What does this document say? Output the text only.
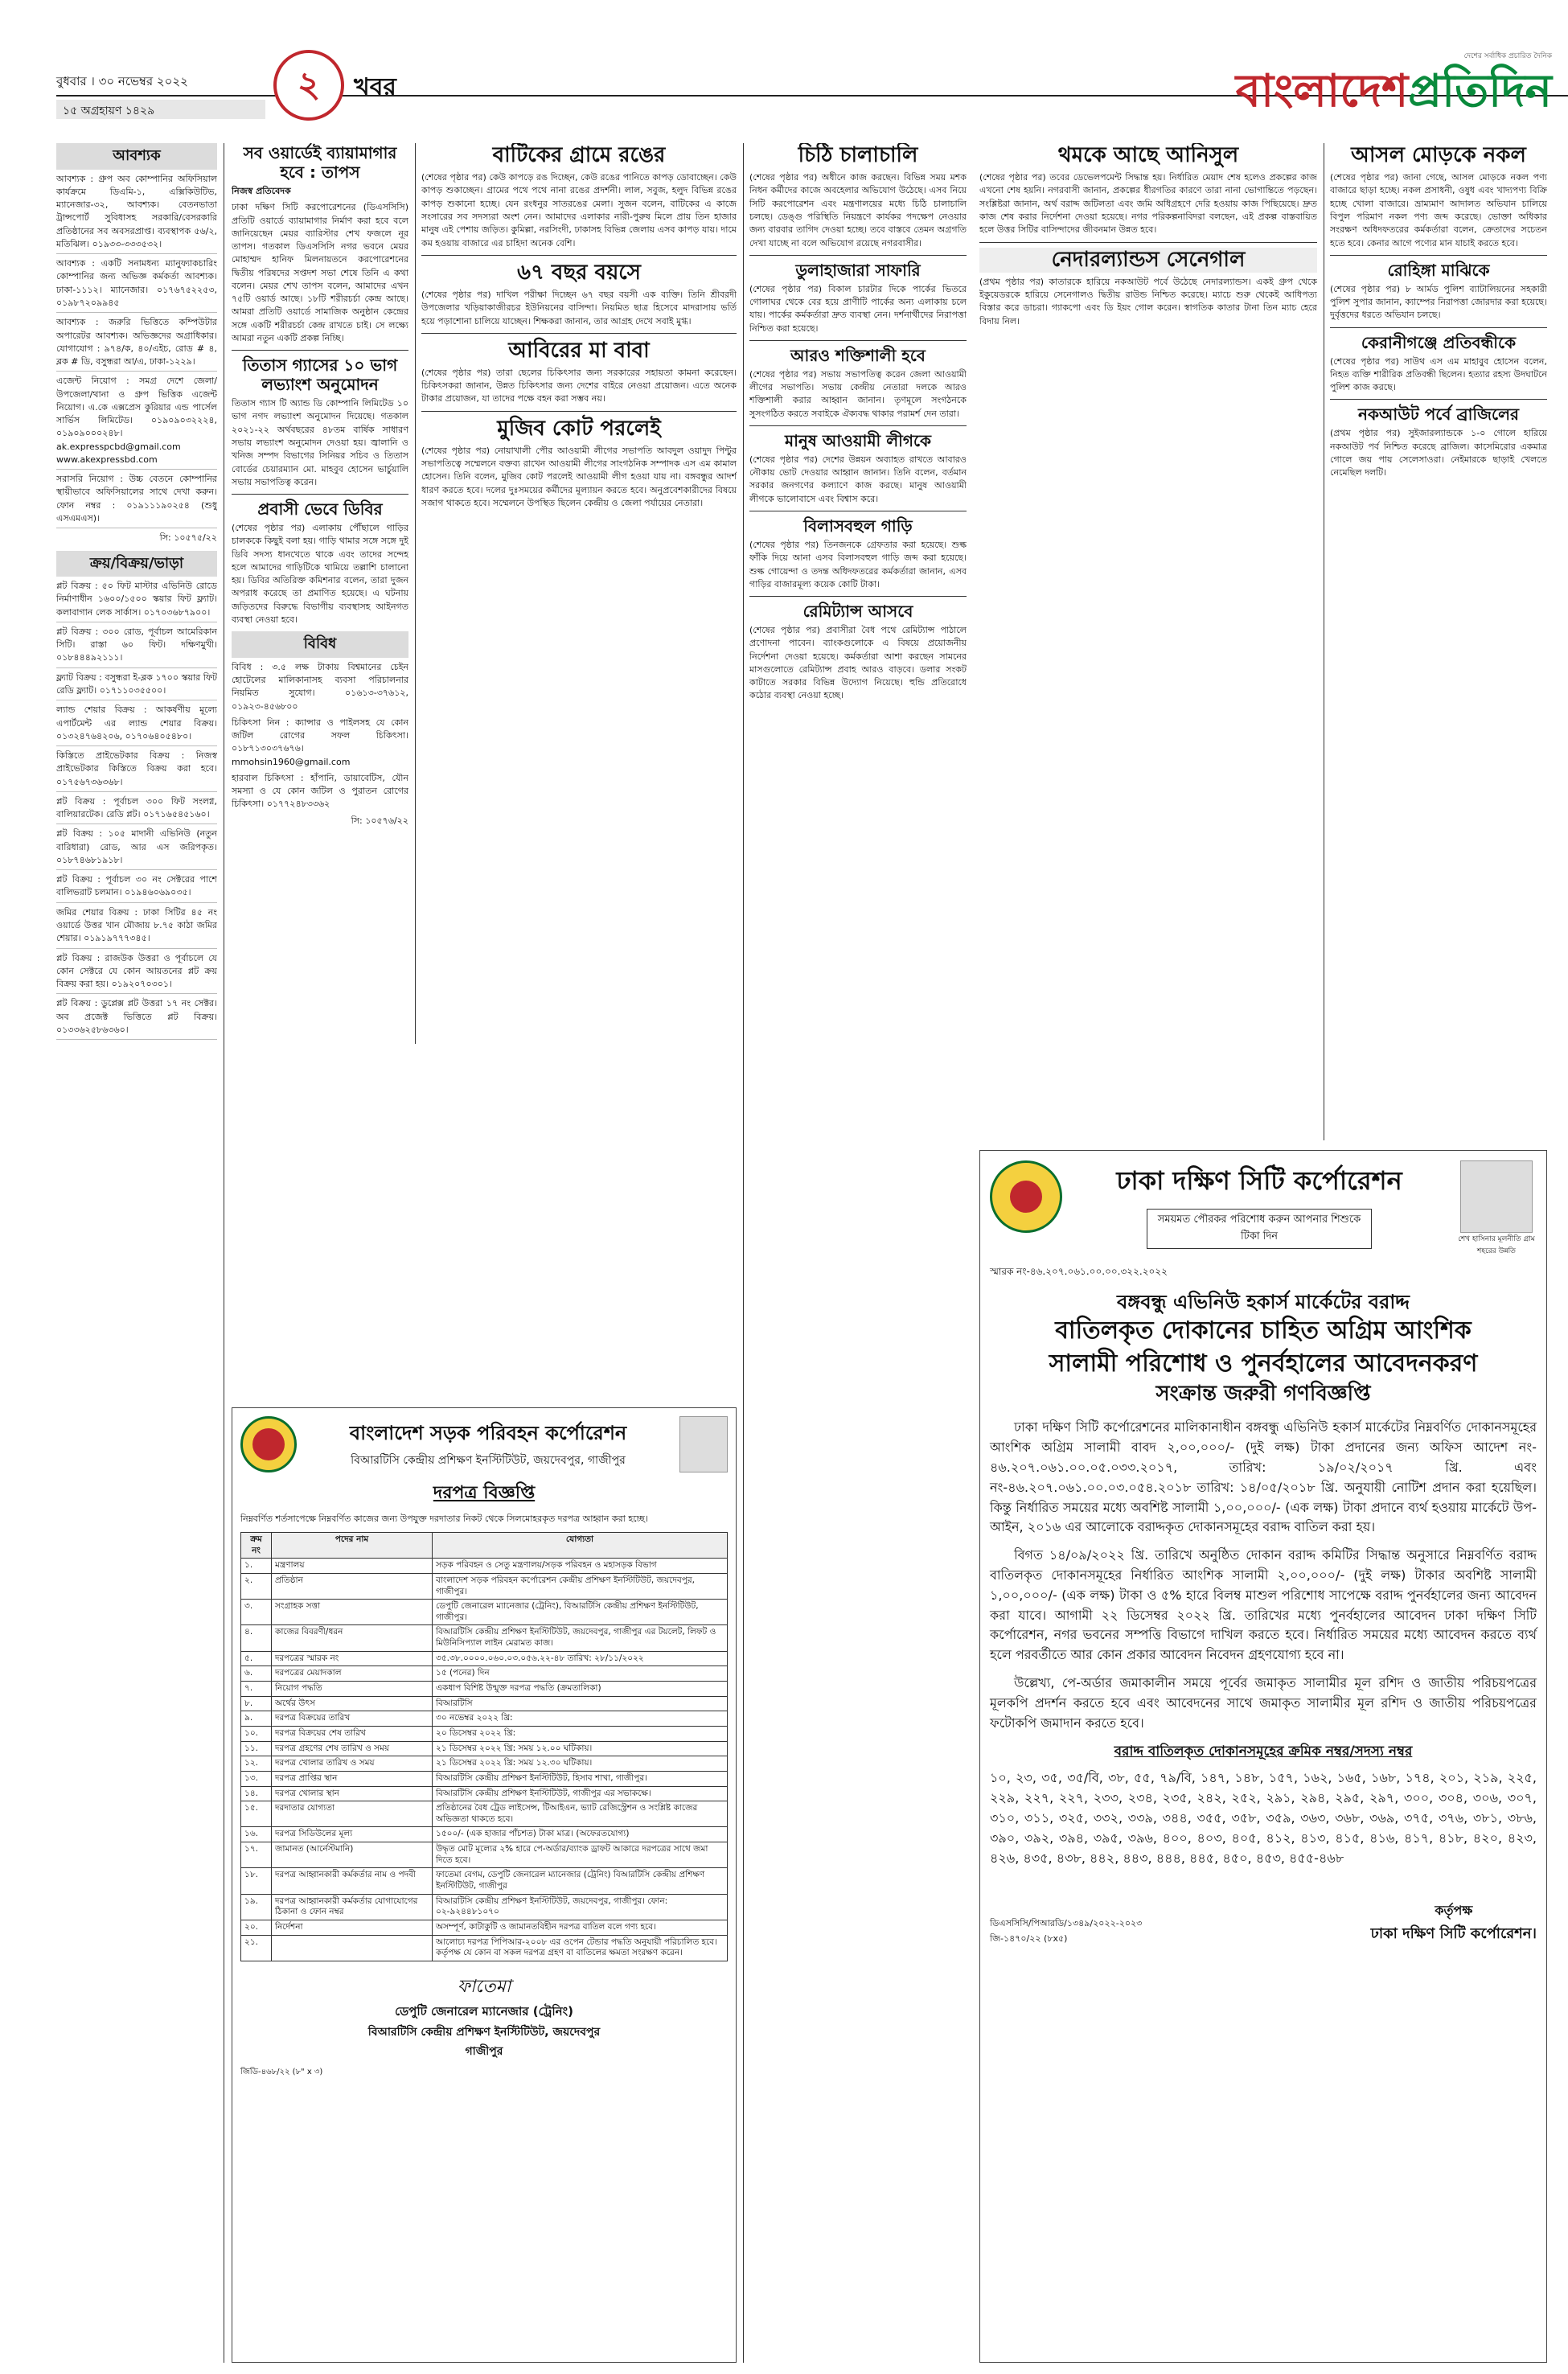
বুধবার । ৩০ নভেম্বর ২০২২
১৫ অগ্রহায়ণ ১৪২৯
২	খবর
দেশের সর্বাধিক প্রচারিত দৈনিক
বাংলাদেশপ্রতিদিন
আবশ্যক

আবশ্যক : গ্রুপ অব কোম্পানির অফিসিয়াল কার্যক্রমে ডিএমি-১, এক্সিকিউটিভ, ম্যানেজার-৩২, আবশ্যক। বেতনভাতা ট্রান্সপোর্ট সুবিধাসহ সরকারি/বেসরকারি প্রতিষ্ঠানের সব অবসরপ্রাপ্ত। ব্যবস্থাপক ৫৬/২, মতিঝিল। ০১৯৩৩-৩৩৩৫৩২।

আবশ্যক : একটি সনামধন্য ম্যানুফ্যাকচারিং কোম্পানির জন্য অভিজ্ঞ কর্মকর্তা আবশ্যক। ঢাকা-১১১২। ম্যানেজার। ০১৭৬৭৫২২৫৩, ০১৯৮৭২০৯৯৪৫

আবশ্যক : জরুরি ভিত্তিতে কম্পিউটার অপারেটর আবশ্যক। অভিজ্ঞদের অগ্রাধিকার। যোগাযোগ : ৯৭৪/ক, ৪০/এইচ, রোড # ৪, ব্লক # ডি, বসুন্ধরা আ/এ, ঢাকা-১২২৯।

এজেন্ট নিয়োগ : সমগ্র দেশে জেলা/উপজেলা/থানা ও গ্রুপ ভিত্তিক এজেন্ট নিয়োগ। এ.কে এক্সপ্রেস কুরিয়ার এন্ড পার্সেল সার্ভিস লিমিটেড। ০১৯০৯০৩২২২৪, ০১৯০৯০০০২৪৮। ak.expresspcbd@gmail.com www.akexpressbd.com

সরাসরি নিয়োগ : উচ্চ বেতনে কোম্পানির স্থায়ীভাবে অফিসিয়ালের সাথে দেখা করুন। ফোন নম্বর : ০১৯১১১৯০২৫৪ (শুধু এসএমএস)।

সি: ১০৫৭৫/২২

ক্রয়/বিক্রয়/ভাড়া

প্লট বিক্রয় : ৫০ ফিট মাস্টার এভিনিউ রোডে নির্মাণাধীন ১৬০০/১৫০০ স্কয়ার ফিট ফ্ল্যাট। কলাবাগান লেক সার্কাস। ০১৭০৩৬৮৭৯০০।

প্লট বিক্রয় : ৩০০ রোড, পূর্বাচল আমেরিকান সিটি। রাস্তা ৬০ ফিট। দক্ষিণমুখী। ০১৮৪৪৪৯২১১১।

ফ্ল্যাট বিক্রয় : বসুন্ধরা ই-ব্লক ১৭০০ স্কয়ার ফিট রেডি ফ্ল্যাট। ০১৭১১০৩৫৫০০।

ল্যান্ড শেয়ার বিক্রয় : আকর্ষণীয় মূল্যে এপার্টমেন্ট এর ল্যান্ড শেয়ার বিক্রয়। ০১৩২৪৭৬৪২০৬, ০১৭০৬৪০৫৪৮০।

কিস্তিতে প্রাইভেটকার বিক্রয় : নিজস্ব প্রাইভেটকার কিস্তিতে বিক্রয় করা হবে। ০১৭৫৬৭৩৬৩৬৮।

প্লট বিক্রয় : পূর্বাচল ৩০০ ফিট সংলগ্ন, বালিয়ারটেক। রেডি প্লট। ০১৭১৬৫৪৫১৬০।

প্লট বিক্রয় : ১০৫ মাদানী এভিনিউ (নতুন বারিধারা) রোড, আর এস জরিপকৃত। ০১৮৭৪৬৮১৯১৮।

প্লট বিক্রয় : পূর্বাচল ৩০ নং সেক্টরের পাশে বালিভরাট চলমান। ০১৯৪৬০৬৯০৩৫।

জমির শেয়ার বিক্রয় : ঢাকা সিটির ৪৫ নং ওয়ার্ডে উত্তর খান মৌজায় ৮.৭৫ কাঠা জমির শেয়ার। ০১৯১৯৭৭৭৩৪৫।

প্লট বিক্রয় : রাজউক উত্তরা ও পূর্বাচলে যে কোন সেক্টরে যে কোন আয়তনের প্লট ক্রয় বিক্রয় করা হয়। ০১৯২০৭০৩০১।

প্লট বিক্রয় : ডুপ্লেক্স প্লট উত্তরা ১৭ নং সেক্টর। অব প্রজেক্ট ভিত্তিতে প্লট বিক্রয়। ০১৩৩৬২৫৮৬৩৬০।

সব ওয়ার্ডেই ব্যায়ামাগার হবে : তাপস

নিজস্ব প্রতিবেদক

ঢাকা দক্ষিণ সিটি করপোরেশনের (ডিএসসিসি) প্রতিটি ওয়ার্ডে ব্যায়ামাগার নির্মাণ করা হবে বলে জানিয়েছেন মেয়র ব্যারিস্টার শেখ ফজলে নূর তাপস। গতকাল ডিএসসিসি নগর ভবনে মেয়র মোহাম্মদ হানিফ মিলনায়তনে করপোরেশনের দ্বিতীয় পরিষদের সপ্তদশ সভা শেষে তিনি এ কথা বলেন। মেয়র শেখ তাপস বলেন, আমাদের এখন ৭৫টি ওয়ার্ড আছে। ১৮টি শরীরচর্চা কেন্দ্র আছে। আমরা প্রতিটি ওয়ার্ডে সামাজিক অনুষ্ঠান কেন্দ্রের সঙ্গে একটি শরীরচর্চা কেন্দ্র রাখতে চাই। সে লক্ষ্যে আমরা নতুন একটি প্রকল্প নিচ্ছি।

তিতাস গ্যাসের ১০ ভাগ লভ্যাংশ অনুমোদন

তিতাস গ্যাস টি অ্যান্ড ডি কোম্পানি লিমিটেড ১০ ভাগ নগদ লভ্যাংশ অনুমোদন দিয়েছে। গতকাল ২০২১-২২ অর্থবছরের ৪৮তম বার্ষিক সাধারণ সভায় লভ্যাংশ অনুমোদন দেওয়া হয়। জ্বালানি ও খনিজ সম্পদ বিভাগের সিনিয়র সচিব ও তিতাস বোর্ডের চেয়ারম্যান মো. মাহবুব হোসেন ভার্চুয়ালি সভায় সভাপতিত্ব করেন।

প্রবাসী ভেবে ডিবির

(শেষের পৃষ্ঠার পর) এলাকায় পৌঁছালে গাড়ির চালককে কিছুই বলা হয়। গাড়ি থামার সঙ্গে সঙ্গে দুই ডিবি সদস্য ধানখেতে থাকে এবং তাদের সন্দেহ হলে আমাদের গাড়িটিকে থামিয়ে তল্লাশি চালানো হয়। ডিবির অতিরিক্ত কমিশনার বলেন, তারা দুজন অপরাধ করেছে তা প্রমাণিত হয়েছে। এ ঘটনায় জড়িতদের বিরুদ্ধে বিভাগীয় ব্যবস্থাসহ আইনগত ব্যবস্থা নেওয়া হবে।

বিবিধ

বিবিধ : ৩.৫ লক্ষ টাকায় বিশ্বমানের চেইন হোটেলের মালিকানাসহ ব্যবসা পরিচালনার নিয়মিত সুযোগ। ০১৬১৩-৩৭৬১২, ০১৯২৩-৪৫৬৮০০

চিকিৎসা নিন : ক্যান্সার ও পাইলসহ যে কোন জটিল রোগের সফল চিকিৎসা। ০১৮৭১৩০৩৭৬৭৬। mmohsin1960@gmail.com

হারবাল চিকিৎসা : হাঁপানি, ডায়াবেটিস, যৌন সমস্যা ও যে কোন জটিল ও পুরাতন রোগের চিকিৎসা। ০১৭৭২৪৮৩৩৬২

সি: ১০৫৭৬/২২

বাটিকের গ্রামে রঙের

(শেষের পৃষ্ঠার পর) কেউ কাপড়ে রঙ দিচ্ছেন, কেউ রঙের পানিতে কাপড় ডোবাচ্ছেন। কেউ কাপড় শুকাচ্ছেন। গ্রামের পথে পথে নানা রঙের প্রদর্শনী। লাল, সবুজ, হলুদ বিভিন্ন রঙের কাপড় শুকানো হচ্ছে। যেন রংধনুর সাতরঙের মেলা। সুজন বলেন, বাটিকের এ কাজে সংসারের সব সদস্যরা অংশ নেন। আমাদের এলাকার নারী-পুরুষ মিলে প্রায় তিন হাজার মানুষ এই পেশায় জড়িত। কুমিল্লা, নরসিংদী, ঢাকাসহ বিভিন্ন জেলায় এসব কাপড় যায়। দামে কম হওয়ায় বাজারে এর চাহিদা অনেক বেশি।

৬৭ বছর বয়সে

(শেষের পৃষ্ঠার পর) দাখিল পরীক্ষা দিচ্ছেন ৬৭ বছর বয়সী এক ব্যক্তি। তিনি শ্রীবরদী উপজেলার খড়িয়াকাজীরচর ইউনিয়নের বাসিন্দা। নিয়মিত ছাত্র হিসেবে মাদরাসায় ভর্তি হয়ে পড়াশোনা চালিয়ে যাচ্ছেন। শিক্ষকরা জানান, তার আগ্রহ দেখে সবাই মুগ্ধ।

আবিরের মা বাবা

(শেষের পৃষ্ঠার পর) তারা ছেলের চিকিৎসার জন্য সরকারের সহায়তা কামনা করেছেন। চিকিৎসকরা জানান, উন্নত চিকিৎসার জন্য দেশের বাইরে নেওয়া প্রয়োজন। এতে অনেক টাকার প্রয়োজন, যা তাদের পক্ষে বহন করা সম্ভব নয়।

মুজিব কোট পরলেই

(শেষের পৃষ্ঠার পর) নোয়াখালী পৌর আওয়ামী লীগের সভাপতি আবদুল ওয়াদুদ পিন্টুর সভাপতিত্বে সম্মেলনে বক্তব্য রাখেন আওয়ামী লীগের সাংগঠনিক সম্পাদক এস এম কামাল হোসেন। তিনি বলেন, মুজিব কোট পরলেই আওয়ামী লীগ হওয়া যায় না। বঙ্গবন্ধুর আদর্শ ধারণ করতে হবে। দলের দুঃসময়ের কর্মীদের মূল্যায়ন করতে হবে। অনুপ্রবেশকারীদের বিষয়ে সজাগ থাকতে হবে। সম্মেলনে উপস্থিত ছিলেন কেন্দ্রীয় ও জেলা পর্যায়ের নেতারা।

চিঠি চালাচালি

(শেষের পৃষ্ঠার পর) অধীনে কাজ করছেন। বিভিন্ন সময় মশক নিধন কর্মীদের কাজে অবহেলার অভিযোগ উঠেছে। এসব নিয়ে সিটি করপোরেশন এবং মন্ত্রণালয়ের মধ্যে চিঠি চালাচালি চলছে। ডেঙ্গু পরিস্থিতি নিয়ন্ত্রণে কার্যকর পদক্ষেপ নেওয়ার জন্য বারবার তাগিদ দেওয়া হচ্ছে। তবে বাস্তবে তেমন অগ্রগতি দেখা যাচ্ছে না বলে অভিযোগ রয়েছে নগরবাসীর।

ডুলাহাজারা সাফারি

(শেষের পৃষ্ঠার পর) বিকাল চারটার দিকে পার্কের ভিতরে গোলাঘর থেকে বের হয়ে প্রাণীটি পার্কের অন্য এলাকায় চলে যায়। পার্কের কর্মকর্তারা দ্রুত ব্যবস্থা নেন। দর্শনার্থীদের নিরাপত্তা নিশ্চিত করা হয়েছে।

আরও শক্তিশালী হবে

(শেষের পৃষ্ঠার পর) সভায় সভাপতিত্ব করেন জেলা আওয়ামী লীগের সভাপতি। সভায় কেন্দ্রীয় নেতারা দলকে আরও শক্তিশালী করার আহ্বান জানান। তৃণমূলে সংগঠনকে সুসংগঠিত করতে সবাইকে ঐক্যবদ্ধ থাকার পরামর্শ দেন তারা।

মানুষ আওয়ামী লীগকে

(শেষের পৃষ্ঠার পর) দেশের উন্নয়ন অব্যাহত রাখতে আবারও নৌকায় ভোট দেওয়ার আহ্বান জানান। তিনি বলেন, বর্তমান সরকার জনগণের কল্যাণে কাজ করছে। মানুষ আওয়ামী লীগকে ভালোবাসে এবং বিশ্বাস করে।

বিলাসবহুল গাড়ি

(শেষের পৃষ্ঠার পর) তিনজনকে গ্রেফতার করা হয়েছে। শুল্ক ফাঁকি দিয়ে আনা এসব বিলাসবহুল গাড়ি জব্দ করা হয়েছে। শুল্ক গোয়েন্দা ও তদন্ত অধিদফতরের কর্মকর্তারা জানান, এসব গাড়ির বাজারমূল্য কয়েক কোটি টাকা।

রেমিট্যান্স আসবে

(শেষের পৃষ্ঠার পর) প্রবাসীরা বৈধ পথে রেমিট্যান্স পাঠালে প্রণোদনা পাবেন। ব্যাংকগুলোকে এ বিষয়ে প্রয়োজনীয় নির্দেশনা দেওয়া হয়েছে। কর্মকর্তারা আশা করছেন সামনের মাসগুলোতে রেমিট্যান্স প্রবাহ আরও বাড়বে। ডলার সংকট কাটাতে সরকার বিভিন্ন উদ্যোগ নিয়েছে। হুন্ডি প্রতিরোধে কঠোর ব্যবস্থা নেওয়া হচ্ছে।

থমকে আছে আনিসুল

(শেষের পৃষ্ঠার পর) তবের ডেভেলপমেন্ট সিদ্ধান্ত হয়। নির্ধারিত মেয়াদ শেষ হলেও প্রকল্পের কাজ এখনো শেষ হয়নি। নগরবাসী জানান, প্রকল্পের ধীরগতির কারণে তারা নানা ভোগান্তিতে পড়ছেন। সংশ্লিষ্টরা জানান, অর্থ বরাদ্দ জটিলতা এবং জমি অধিগ্রহণে দেরি হওয়ায় কাজ পিছিয়েছে। দ্রুত কাজ শেষ করার নির্দেশনা দেওয়া হয়েছে। নগর পরিকল্পনাবিদরা বলছেন, এই প্রকল্প বাস্তবায়িত হলে উত্তর সিটির বাসিন্দাদের জীবনমান উন্নত হবে।

নেদারল্যান্ডস সেনেগাল

(প্রথম পৃষ্ঠার পর) কাতারকে হারিয়ে নকআউট পর্বে উঠেছে নেদারল্যান্ডস। একই গ্রুপ থেকে ইকুয়েডরকে হারিয়ে সেনেগালও দ্বিতীয় রাউন্ড নিশ্চিত করেছে। ম্যাচে শুরু থেকেই আধিপত্য বিস্তার করে ডাচরা। গ্যাকপো এবং ডি ইয়ং গোল করেন। স্বাগতিক কাতার টানা তিন ম্যাচ হেরে বিদায় নিল।

আসল মোড়কে নকল

(শেষের পৃষ্ঠার পর) জানা গেছে, আসল মোড়কে নকল পণ্য বাজারে ছাড়া হচ্ছে। নকল প্রসাধনী, ওষুধ এবং খাদ্যপণ্য বিক্রি হচ্ছে খোলা বাজারে। ভ্রাম্যমাণ আদালত অভিযান চালিয়ে বিপুল পরিমাণ নকল পণ্য জব্দ করেছে। ভোক্তা অধিকার সংরক্ষণ অধিদফতরের কর্মকর্তারা বলেন, ক্রেতাদের সচেতন হতে হবে। কেনার আগে পণ্যের মান যাচাই করতে হবে।

রোহিঙ্গা মাঝিকে

(শেষের পৃষ্ঠার পর) ৮ আর্মড পুলিশ ব্যাটালিয়নের সহকারী পুলিশ সুপার জানান, ক্যাম্পের নিরাপত্তা জোরদার করা হয়েছে। দুর্বৃত্তদের ধরতে অভিযান চলছে।

কেরানীগঞ্জে প্রতিবন্ধীকে

(শেষের পৃষ্ঠার পর) সাউথ এস এম মাহাবুব হোসেন বলেন, নিহত ব্যক্তি শারীরিক প্রতিবন্ধী ছিলেন। হত্যার রহস্য উদঘাটনে পুলিশ কাজ করছে।

নকআউট পর্বে ব্রাজিলের

(প্রথম পৃষ্ঠার পর) সুইজারল্যান্ডকে ১-০ গোলে হারিয়ে নকআউট পর্ব নিশ্চিত করেছে ব্রাজিল। কাসেমিরোর একমাত্র গোলে জয় পায় সেলেসাওরা। নেইমারকে ছাড়াই খেলতে নেমেছিল দলটি।

বাংলাদেশ সড়ক পরিবহন কর্পোরেশন
বিআরটিসি কেন্দ্রীয় প্রশিক্ষণ ইনস্টিটিউট, জয়দেবপুর, গাজীপুর
দরপত্র বিজ্ঞপ্তি

নিম্নবর্ণিত শর্তসাপেক্ষে নিম্নবর্ণিত কাজের জন্য উপযুক্ত দরদাতার নিকট থেকে সিলমোহরকৃত দরপত্র আহ্বান করা হচ্ছে।

ক্রম নং	পদের নাম	যোগ্যতা
১.	মন্ত্রণালয়	সড়ক পরিবহন ও সেতু মন্ত্রণালয়/সড়ক পরিবহন ও মহাসড়ক বিভাগ
২.	প্রতিষ্ঠান	বাংলাদেশ সড়ক পরিবহন কর্পোরেশন কেন্দ্রীয় প্রশিক্ষণ ইনস্টিটিউট, জয়দেবপুর, গাজীপুর।
৩.	সংগ্রাহক সত্তা	ডেপুটি জেনারেল ম্যানেজার (ট্রেনিং), বিআরটিসি কেন্দ্রীয় প্রশিক্ষণ ইনস্টিটিউট, গাজীপুর।
৪.	কাজের বিবরণী/ধরন	বিআরটিসি কেন্দ্রীয় প্রশিক্ষণ ইনস্টিটিউট, জয়দেবপুর, গাজীপুর এর টয়লেট, লিফট ও মিউনিসিপ্যাল লাইন মেরামত কাজ।
৫.	দরপত্রের স্মারক নং	৩৫.৩৮.০০০০.০৬০.০৩.০৫৬.২২-৪৮ তারিখ: ২৮/১১/২০২২
৬.	দরপত্রের মেয়াদকাল	১৫ (পনের) দিন
৭.	নিয়োগ পদ্ধতি	একধাপ বিশিষ্ট উন্মুক্ত দরপত্র পদ্ধতি (ক্রমতালিকা)
৮.	অর্থের উৎস	বিআরটিসি
৯.	দরপত্র বিক্রয়ের তারিখ	৩০ নভেম্বর ২০২২ খ্রি:
১০.	দরপত্র বিক্রয়ের শেষ তারিখ	২০ ডিসেম্বর ২০২২ খ্রি:
১১.	দরপত্র গ্রহণের শেষ তারিখ ও সময়	২১ ডিসেম্বর ২০২২ খ্রি: সময় ১২.০০ ঘটিকায়।
১২.	দরপত্র খোলার তারিখ ও সময়	২১ ডিসেম্বর ২০২২ খ্রি: সময় ১২.৩০ ঘটিকায়।
১৩.	দরপত্র প্রাপ্তির স্থান	বিআরটিসি কেন্দ্রীয় প্রশিক্ষণ ইনস্টিটিউট, হিসাব শাখা, গাজীপুর।
১৪.	দরপত্র খোলার স্থান	বিআরটিসি কেন্দ্রীয় প্রশিক্ষণ ইনস্টিটিউট, গাজীপুর এর সভাকক্ষে।
১৫.	দরদাতার যোগ্যতা	প্রতিষ্ঠানের বৈধ ট্রেড লাইসেন্স, টিআইএন, ভ্যাট রেজিস্ট্রেশন ও সংশ্লিষ্ট কাজের অভিজ্ঞতা থাকতে হবে।
১৬.	দরপত্র সিডিউলের মূল্য	১৫০০/- (এক হাজার পাঁচশত) টাকা মাত্র। (অফেরতযোগ্য)
১৭.	জামানত (আর্নেস্টমানি)	উদ্ধৃত মোট মূল্যের ২% হারে পে-অর্ডার/ব্যাংক ড্রাফট আকারে দরপত্রের সাথে জমা দিতে হবে।
১৮.	দরপত্র আহ্বানকারী কর্মকর্তার নাম ও পদবী	ফাতেমা বেগম, ডেপুটি জেনারেল ম্যানেজার (ট্রেনিং) বিআরটিসি কেন্দ্রীয় প্রশিক্ষণ ইনস্টিটিউট, গাজীপুর
১৯.	দরপত্র আহ্বানকারী কর্মকর্তার যোগাযোগের ঠিকানা ও ফোন নম্বর	বিআরটিসি কেন্দ্রীয় প্রশিক্ষণ ইনস্টিটিউট, জয়দেবপুর, গাজীপুর। ফোন: ০২-৯২৪৪৮১০৭০
২০.	নির্দেশনা	অসম্পূর্ণ, কাটাকুটি ও জামানতবিহীন দরপত্র বাতিল বলে গণ্য হবে।
২১.		আলোচ্য দরপত্র পিপিআর-২০০৮ এর ওপেন টেন্ডার পদ্ধতি অনুযায়ী পরিচালিত হবে। কর্তৃপক্ষ যে কোন বা সকল দরপত্র গ্রহণ বা বাতিলের ক্ষমতা সংরক্ষণ করেন।
ফাতেমা
ডেপুটি জেনারেল ম্যানেজার (ট্রেনিং)
বিআরটিসি কেন্দ্রীয় প্রশিক্ষণ ইনস্টিটিউট, জয়দেবপুর
গাজীপুর
জিডি-৪৬৮/২২ (৮" x ৩)
ঢাকা দক্ষিণ সিটি কর্পোরেশন
সময়মত পৌরকর পরিশোধ করুন আপনার শিশুকে টিকা দিন	শেখ হাসিনার মূলনীতি গ্রাম শহরের উন্নতি
স্মারক নং-৪৬.২০৭.০৬১.০০.০০.৩২২.২০২২
বঙ্গবন্ধু এভিনিউ হকার্স মার্কেটের বরাদ্দ
বাতিলকৃত দোকানের চাহিত অগ্রিম আংশিক
সালামী পরিশোধ ও পুনর্বহালের আবেদনকরণ
সংক্রান্ত জরুরী গণবিজ্ঞপ্তি

ঢাকা দক্ষিণ সিটি কর্পোরেশনের মালিকানাধীন বঙ্গবন্ধু এভিনিউ হকার্স মার্কেটের নিম্নবর্ণিত দোকানসমূহের আংশিক অগ্রিম সালামী বাবদ ২,০০,০০০/- (দুই লক্ষ) টাকা প্রদানের জন্য অফিস আদেশ নং- ৪৬.২০৭.০৬১.০০.০৫.০৩৩.২০১৭, তারিখ: ১৯/০২/২০১৭ খ্রি. এবং নং-৪৬.২০৭.০৬১.০০.০৩.০৫৪.২০১৮ তারিখ: ১৪/০৫/২০১৮ খ্রি. অনুযায়ী নোটিশ প্রদান করা হয়েছিল। কিন্তু নির্ধারিত সময়ের মধ্যে অবশিষ্ট সালামী ১,০০,০০০/- (এক লক্ষ) টাকা প্রদানে ব্যর্থ হওয়ায় মার্কেটে উপ-আইন, ২০১৬ এর আলোকে বরাদ্দকৃত দোকানসমূহের বরাদ্দ বাতিল করা হয়।

বিগত ১৪/০৯/২০২২ খ্রি. তারিখে অনুষ্ঠিত দোকান বরাদ্দ কমিটির সিদ্ধান্ত অনুসারে নিম্নবর্ণিত বরাদ্দ বাতিলকৃত দোকানসমূহের নির্ধারিত আংশিক সালামী ২,০০,০০০/- (দুই লক্ষ) টাকার অবশিষ্ট সালামী ১,০০,০০০/- (এক লক্ষ) টাকা ও ৫% হারে বিলম্ব মাশুল পরিশোধ সাপেক্ষে বরাদ্দ পুনর্বহালের জন্য আবেদন করা যাবে। আগামী ২২ ডিসেম্বর ২০২২ খ্রি. তারিখের মধ্যে পুনর্বহালের আবেদন ঢাকা দক্ষিণ সিটি কর্পোরেশন, নগর ভবনের সম্পত্তি বিভাগে দাখিল করতে হবে। নির্ধারিত সময়ের মধ্যে আবেদন করতে ব্যর্থ হলে পরবর্তীতে আর কোন প্রকার আবেদন নিবেদন গ্রহণযোগ্য হবে না।

উল্লেখ্য, পে-অর্ডার জমাকালীন সময়ে পূর্বের জমাকৃত সালামীর মূল রশিদ ও জাতীয় পরিচয়পত্রের মূলকপি প্রদর্শন করতে হবে এবং আবেদনের সাথে জমাকৃত সালামীর মূল রশিদ ও জাতীয় পরিচয়পত্রের ফটোকপি জমাদান করতে হবে।

বরাদ্দ বাতিলকৃত দোকানসমূহের ক্রমিক নম্বর/সদস্য নম্বর

১০, ২৩, ৩৫, ৩৫/বি, ৩৮, ৫৫, ৭৯/বি, ১৪৭, ১৪৮, ১৫৭, ১৬২, ১৬৫, ১৬৮, ১৭৪, ২০১, ২১৯, ২২৫, ২২৯, ২২৭, ২২৭, ২৩৩, ২৩৪, ২৩৫, ২৪২, ২৫২, ২৯১, ২৯৪, ২৯৫, ২৯৭, ৩০০, ৩০৪, ৩০৬, ৩০৭, ৩১০, ৩১১, ৩২৫, ৩৩২, ৩৩৯, ৩৪৪, ৩৫৫, ৩৫৮, ৩৫৯, ৩৬৩, ৩৬৮, ৩৬৯, ৩৭৫, ৩৭৬, ৩৮১, ৩৮৬, ৩৯০, ৩৯২, ৩৯৪, ৩৯৫, ৩৯৬, ৪০০, ৪০৩, ৪০৫, ৪১২, ৪১৩, ৪১৫, ৪১৬, ৪১৭, ৪১৮, ৪২০, ৪২৩, ৪২৬, ৪৩৫, ৪৩৮, ৪৪২, ৪৪৩, ৪৪৪, ৪৪৫, ৪৫০, ৪৫৩, ৪৫৫-৪৬৮

ডিএসসিসি/পিআরডি/১৩৪৯/২০২২-২০২৩
জি-১৪৭০/২২ (৮x৫)
কর্তৃপক্ষ
ঢাকা দক্ষিণ সিটি কর্পোরেশন।
